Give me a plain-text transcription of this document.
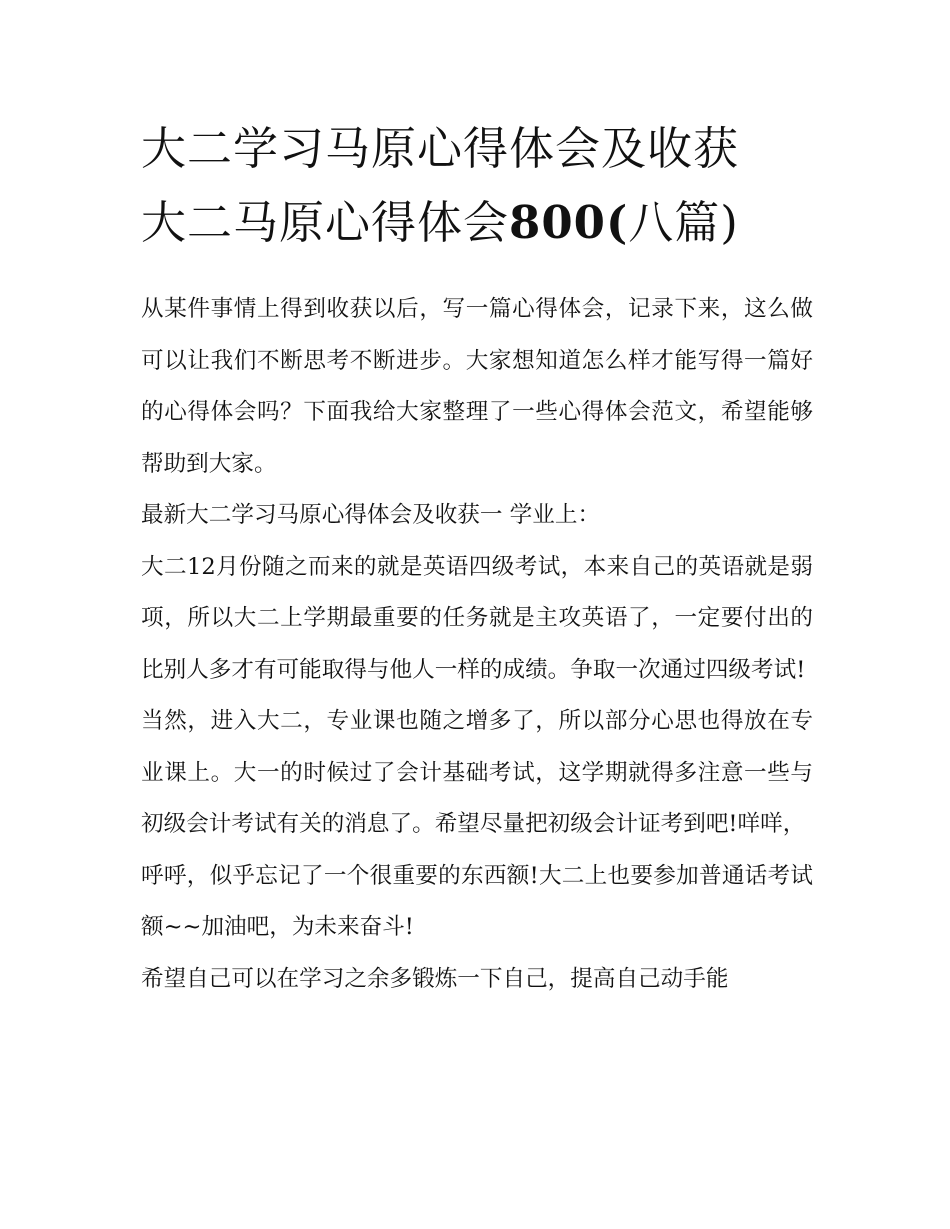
大二学习马原心得体会及收获
大二马原心得体会800(八篇)

从某件事情上得到收获以后，写一篇心得体会，记录下来，这么做可以让我们不断思考不断进步。大家想知道怎么样才能写得一篇好的心得体会吗？下面我给大家整理了一些心得体会范文，希望能够帮助到大家。

最新大二学习马原心得体会及收获一 学业上：

大二12月份随之而来的就是英语四级考试，本来自己的英语就是弱项，所以大二上学期最重要的任务就是主攻英语了，一定要付出的比别人多才有可能取得与他人一样的成绩。争取一次通过四级考试!

当然，进入大二，专业课也随之增多了，所以部分心思也得放在专业课上。大一的时候过了会计基础考试，这学期就得多注意一些与初级会计考试有关的消息了。希望尽量把初级会计证考到吧!咩咩，

呼呼，似乎忘记了一个很重要的东西额!大二上也要参加普通话考试额~~加油吧，为未来奋斗!

希望自己可以在学习之余多锻炼一下自己，提高自己动手能
